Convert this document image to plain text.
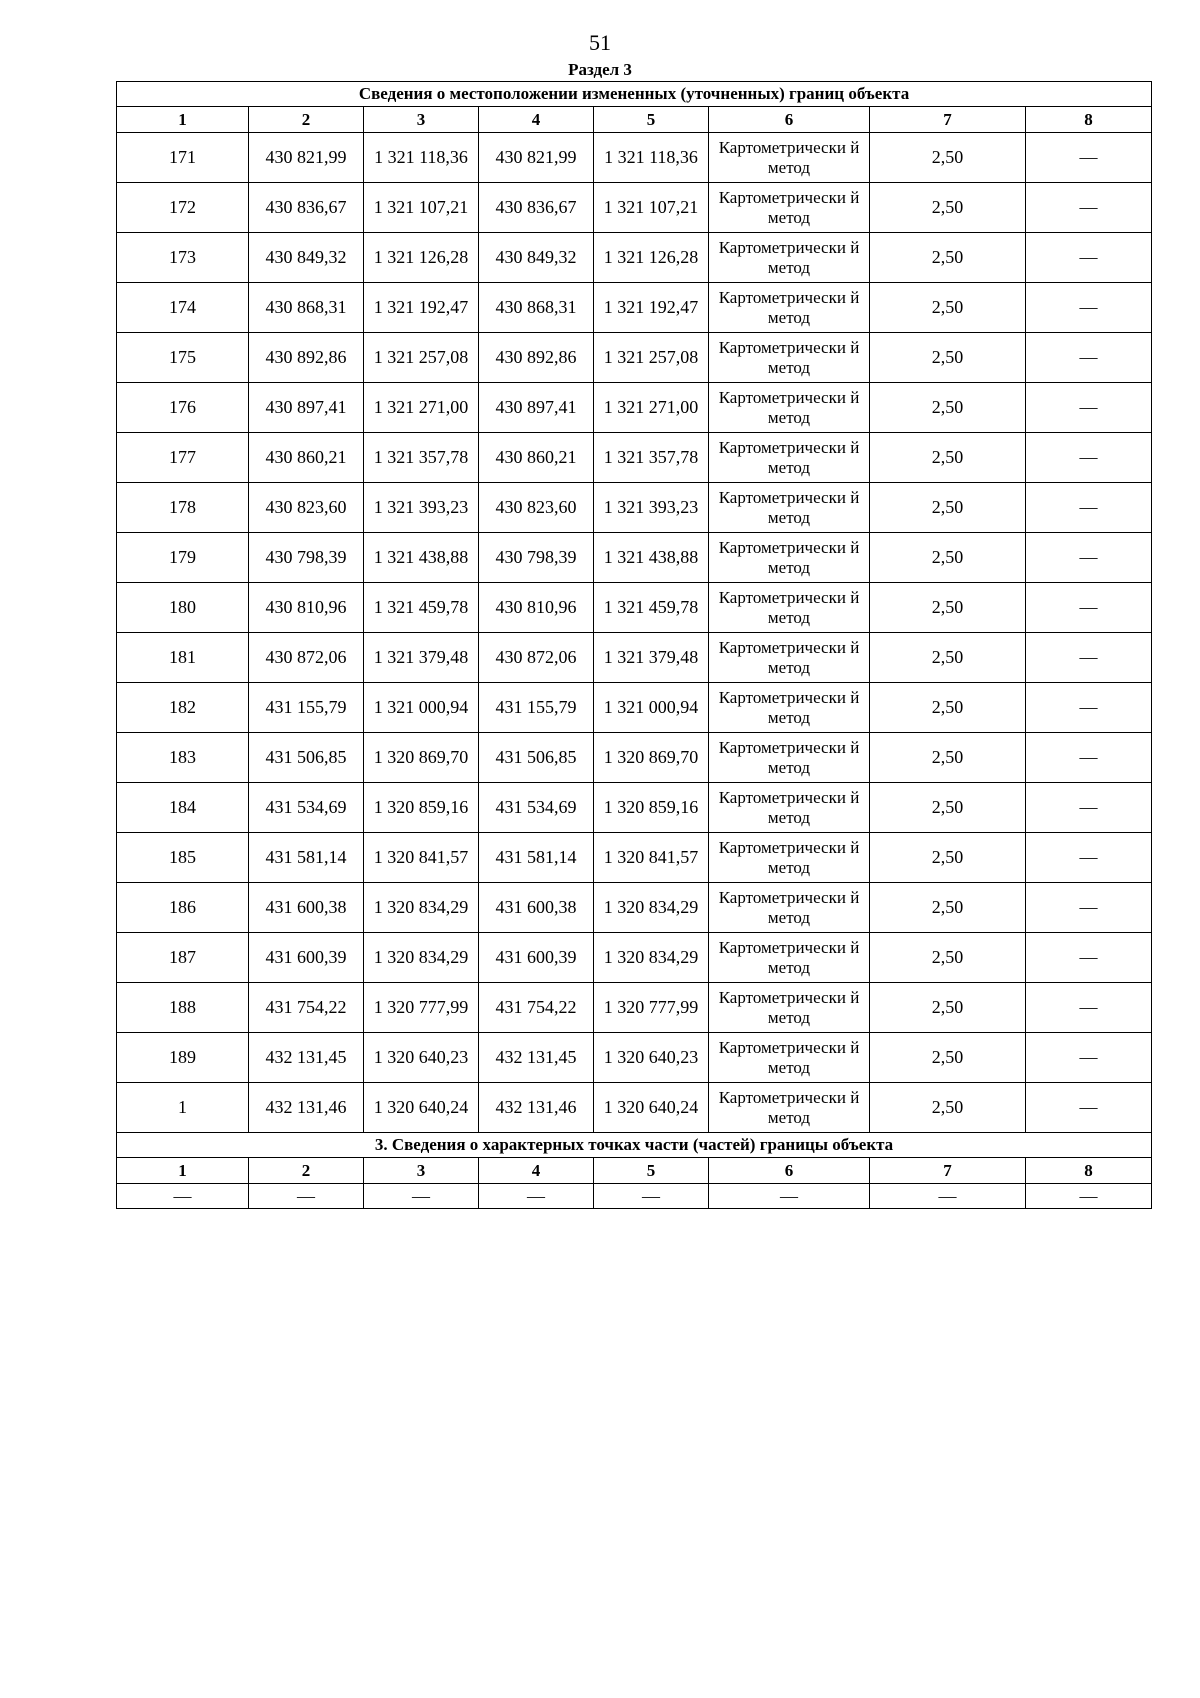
51
Раздел 3
Сведения о местоположении измененных (уточненных) границ объекта							
1	2	3	4	5	6	7	8
171	430 821,99	1 321 118,36	430 821,99	1 321 118,36	Картометрически й метод	2,50	—
172	430 836,67	1 321 107,21	430 836,67	1 321 107,21	Картометрически й метод	2,50	—
173	430 849,32	1 321 126,28	430 849,32	1 321 126,28	Картометрически й метод	2,50	—
174	430 868,31	1 321 192,47	430 868,31	1 321 192,47	Картометрически й метод	2,50	—
175	430 892,86	1 321 257,08	430 892,86	1 321 257,08	Картометрически й метод	2,50	—
176	430 897,41	1 321 271,00	430 897,41	1 321 271,00	Картометрически й метод	2,50	—
177	430 860,21	1 321 357,78	430 860,21	1 321 357,78	Картометрически й метод	2,50	—
178	430 823,60	1 321 393,23	430 823,60	1 321 393,23	Картометрически й метод	2,50	—
179	430 798,39	1 321 438,88	430 798,39	1 321 438,88	Картометрически й метод	2,50	—
180	430 810,96	1 321 459,78	430 810,96	1 321 459,78	Картометрически й метод	2,50	—
181	430 872,06	1 321 379,48	430 872,06	1 321 379,48	Картометрически й метод	2,50	—
182	431 155,79	1 321 000,94	431 155,79	1 321 000,94	Картометрически й метод	2,50	—
183	431 506,85	1 320 869,70	431 506,85	1 320 869,70	Картометрически й метод	2,50	—
184	431 534,69	1 320 859,16	431 534,69	1 320 859,16	Картометрически й метод	2,50	—
185	431 581,14	1 320 841,57	431 581,14	1 320 841,57	Картометрически й метод	2,50	—
186	431 600,38	1 320 834,29	431 600,38	1 320 834,29	Картометрически й метод	2,50	—
187	431 600,39	1 320 834,29	431 600,39	1 320 834,29	Картометрически й метод	2,50	—
188	431 754,22	1 320 777,99	431 754,22	1 320 777,99	Картометрически й метод	2,50	—
189	432 131,45	1 320 640,23	432 131,45	1 320 640,23	Картометрически й метод	2,50	—
1	432 131,46	1 320 640,24	432 131,46	1 320 640,24	Картометрически й метод	2,50	—
3. Сведения о характерных точках части (частей) границы объекта							
1	2	3	4	5	6	7	8
—	—	—	—	—	—	—	—
